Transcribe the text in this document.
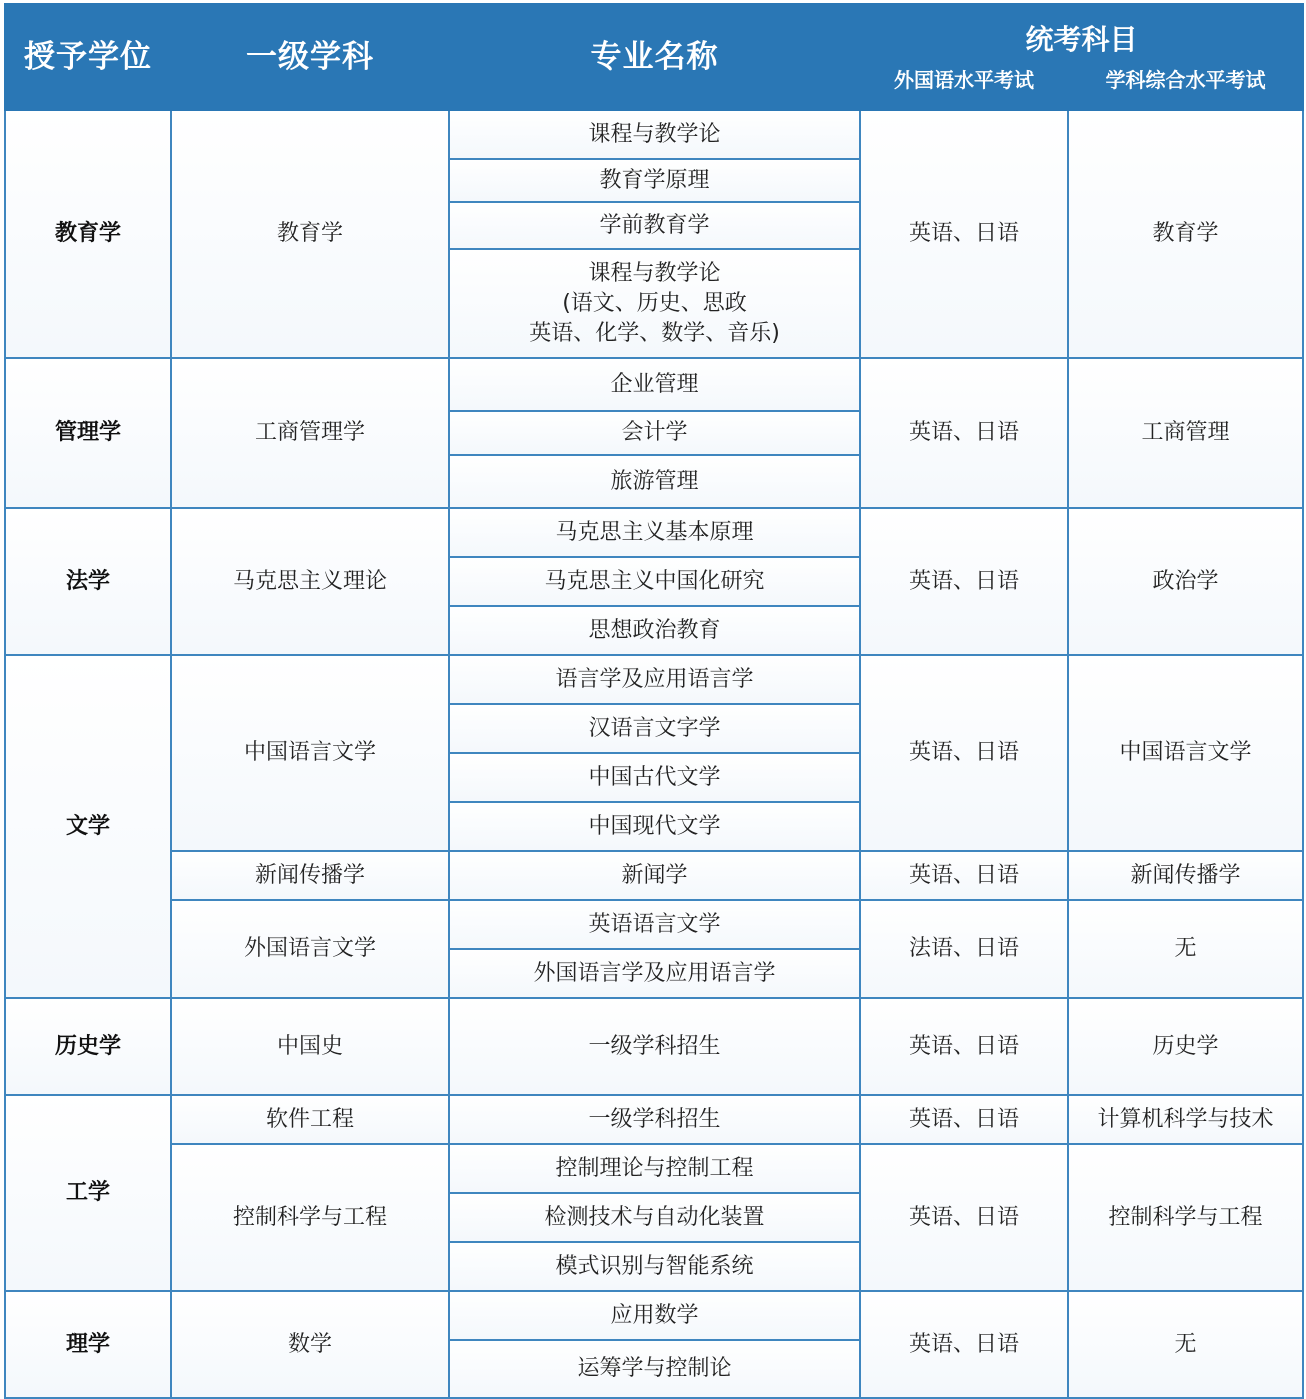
授予学位	一级学科	专业名称	统考科目	
			外国语水平考试	学科综合水平考试
教育学	教育学	课程与教学论	英语、日语	教育学
		教育学原理		
		学前教育学		

		课程与教学论
(语文、历史、思政
英语、化学、数学、音乐)		

管理学	工商管理学	企业管理	英语、日语	工商管理
		会计学		
		旅游管理		
法学	马克思主义理论	马克思主义基本原理	英语、日语	政治学
		马克思主义中国化研究		
		思想政治教育		
文学	中国语言文学	语言学及应用语言学	英语、日语	中国语言文学
		汉语言文字学		
		中国古代文学		
		中国现代文学		
	新闻传播学	新闻学	英语、日语	新闻传播学
	外国语言文学	英语语言文学	法语、日语	无
		外国语言学及应用语言学		
历史学	中国史	一级学科招生	英语、日语	历史学
工学	软件工程	一级学科招生	英语、日语	计算机科学与技术
	控制科学与工程	控制理论与控制工程	英语、日语	控制科学与工程
		检测技术与自动化装置		
		模式识别与智能系统		
理学	数学	应用数学	英语、日语	无
		运筹学与控制论		
